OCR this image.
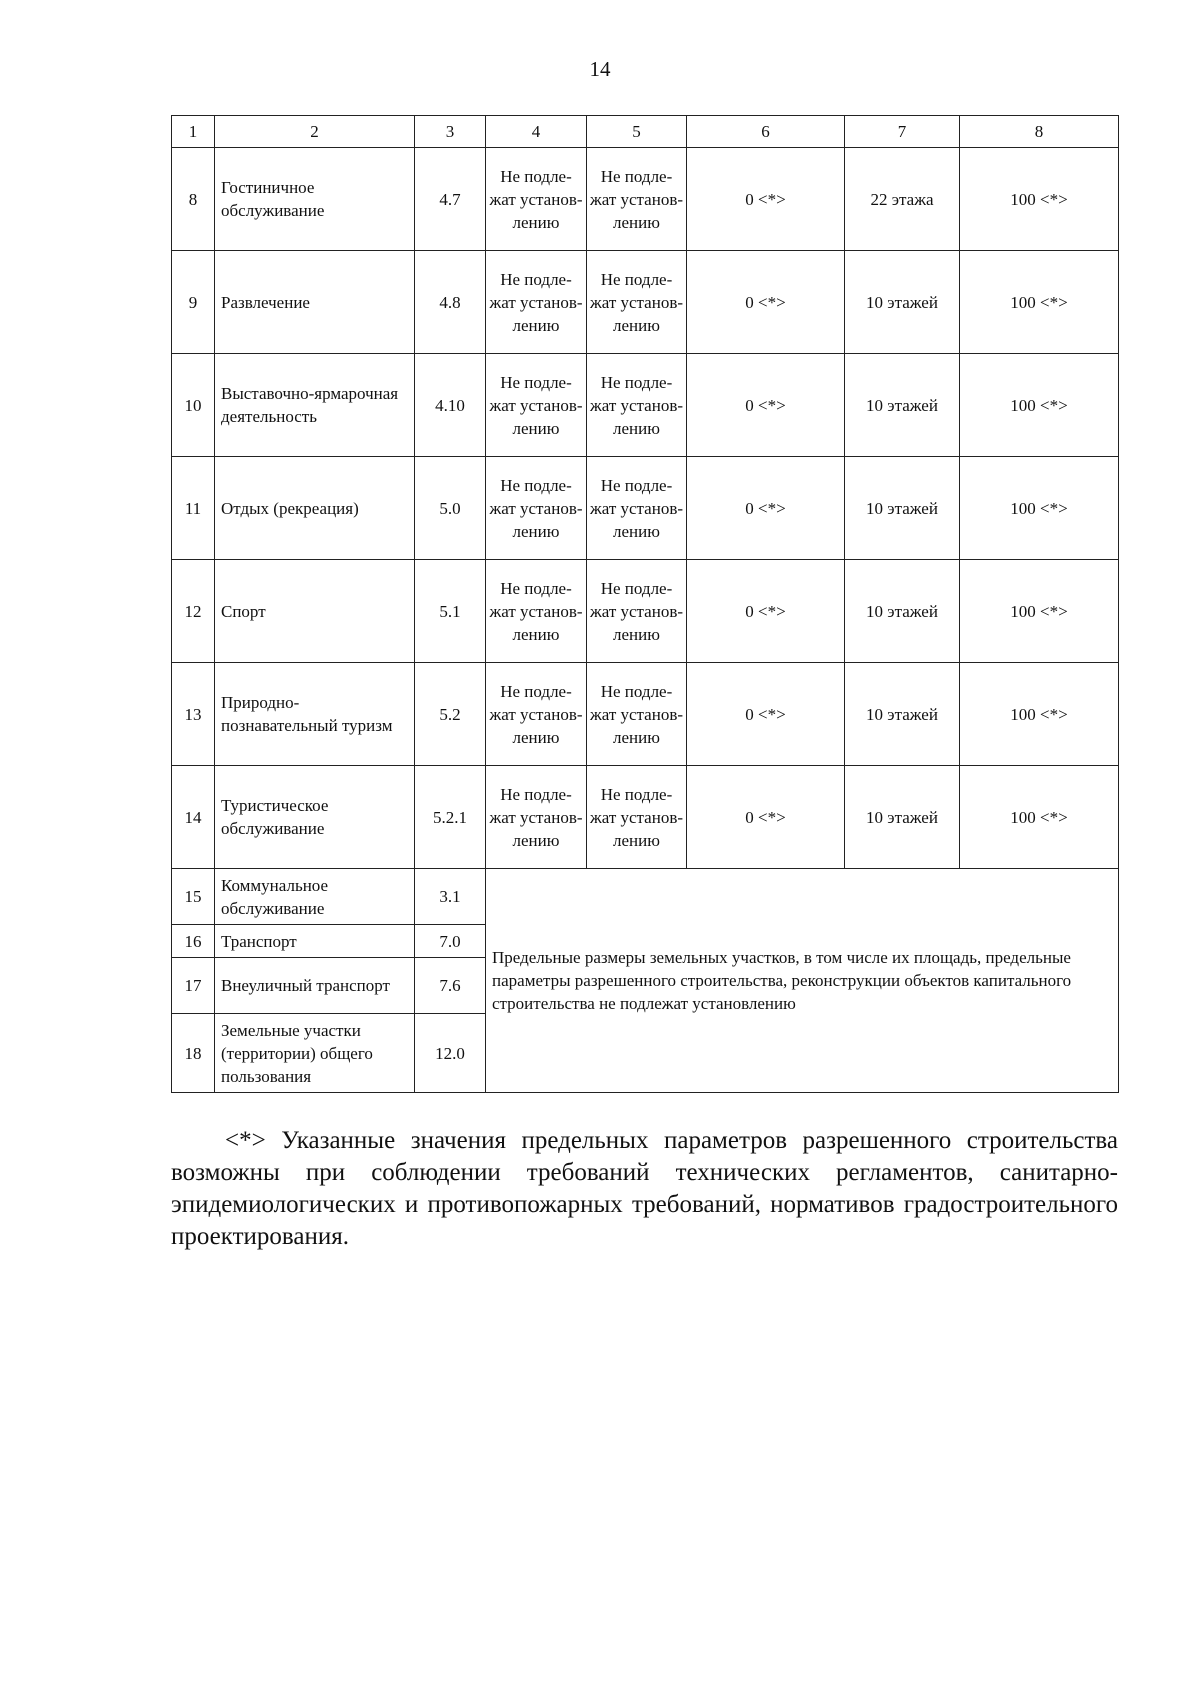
14
1	2	3	4	5	6	7	8
8	Гостиничное обслуживание	4.7	Не подле-жат установ-лению	Не подле-жат установ-лению	0 <*>	22 этажа	100 <*>
9	Развлечение	4.8	Не подле-жат установ-лению	Не подле-жат установ-лению	0 <*>	10 этажей	100 <*>
10	Выставочно-ярмарочная деятельность	4.10	Не подле-жат установ-лению	Не подле-жат установ-лению	0 <*>	10 этажей	100 <*>
11	Отдых (рекреация)	5.0	Не подле-жат установ-лению	Не подле-жат установ-лению	0 <*>	10 этажей	100 <*>
12	Спорт	5.1	Не подле-жат установ-лению	Не подле-жат установ-лению	0 <*>	10 этажей	100 <*>
13	Природно-познавательный туризм	5.2	Не подле-жат установ-лению	Не подле-жат установ-лению	0 <*>	10 этажей	100 <*>
14	Туристическое обслуживание	5.2.1	Не подле-жат установ-лению	Не подле-жат установ-лению	0 <*>	10 этажей	100 <*>
15	Коммунальное обслуживание	3.1	Предельные размеры земельных участков, в том числе их площадь, предельные параметры разрешенного строительства, реконструкции объектов капитального строительства не подлежат установлению				
16	Транспорт	7.0					
17	Внеуличный транспорт	7.6					
18	Земельные участки (территории) общего пользования	12.0					

<*> Указанные значения предельных параметров разрешенного строительства возможны при соблюдении требований технических регламентов, санитарно-эпидемиологических и противопожарных требований, нормативов градостроительного проектирования.
